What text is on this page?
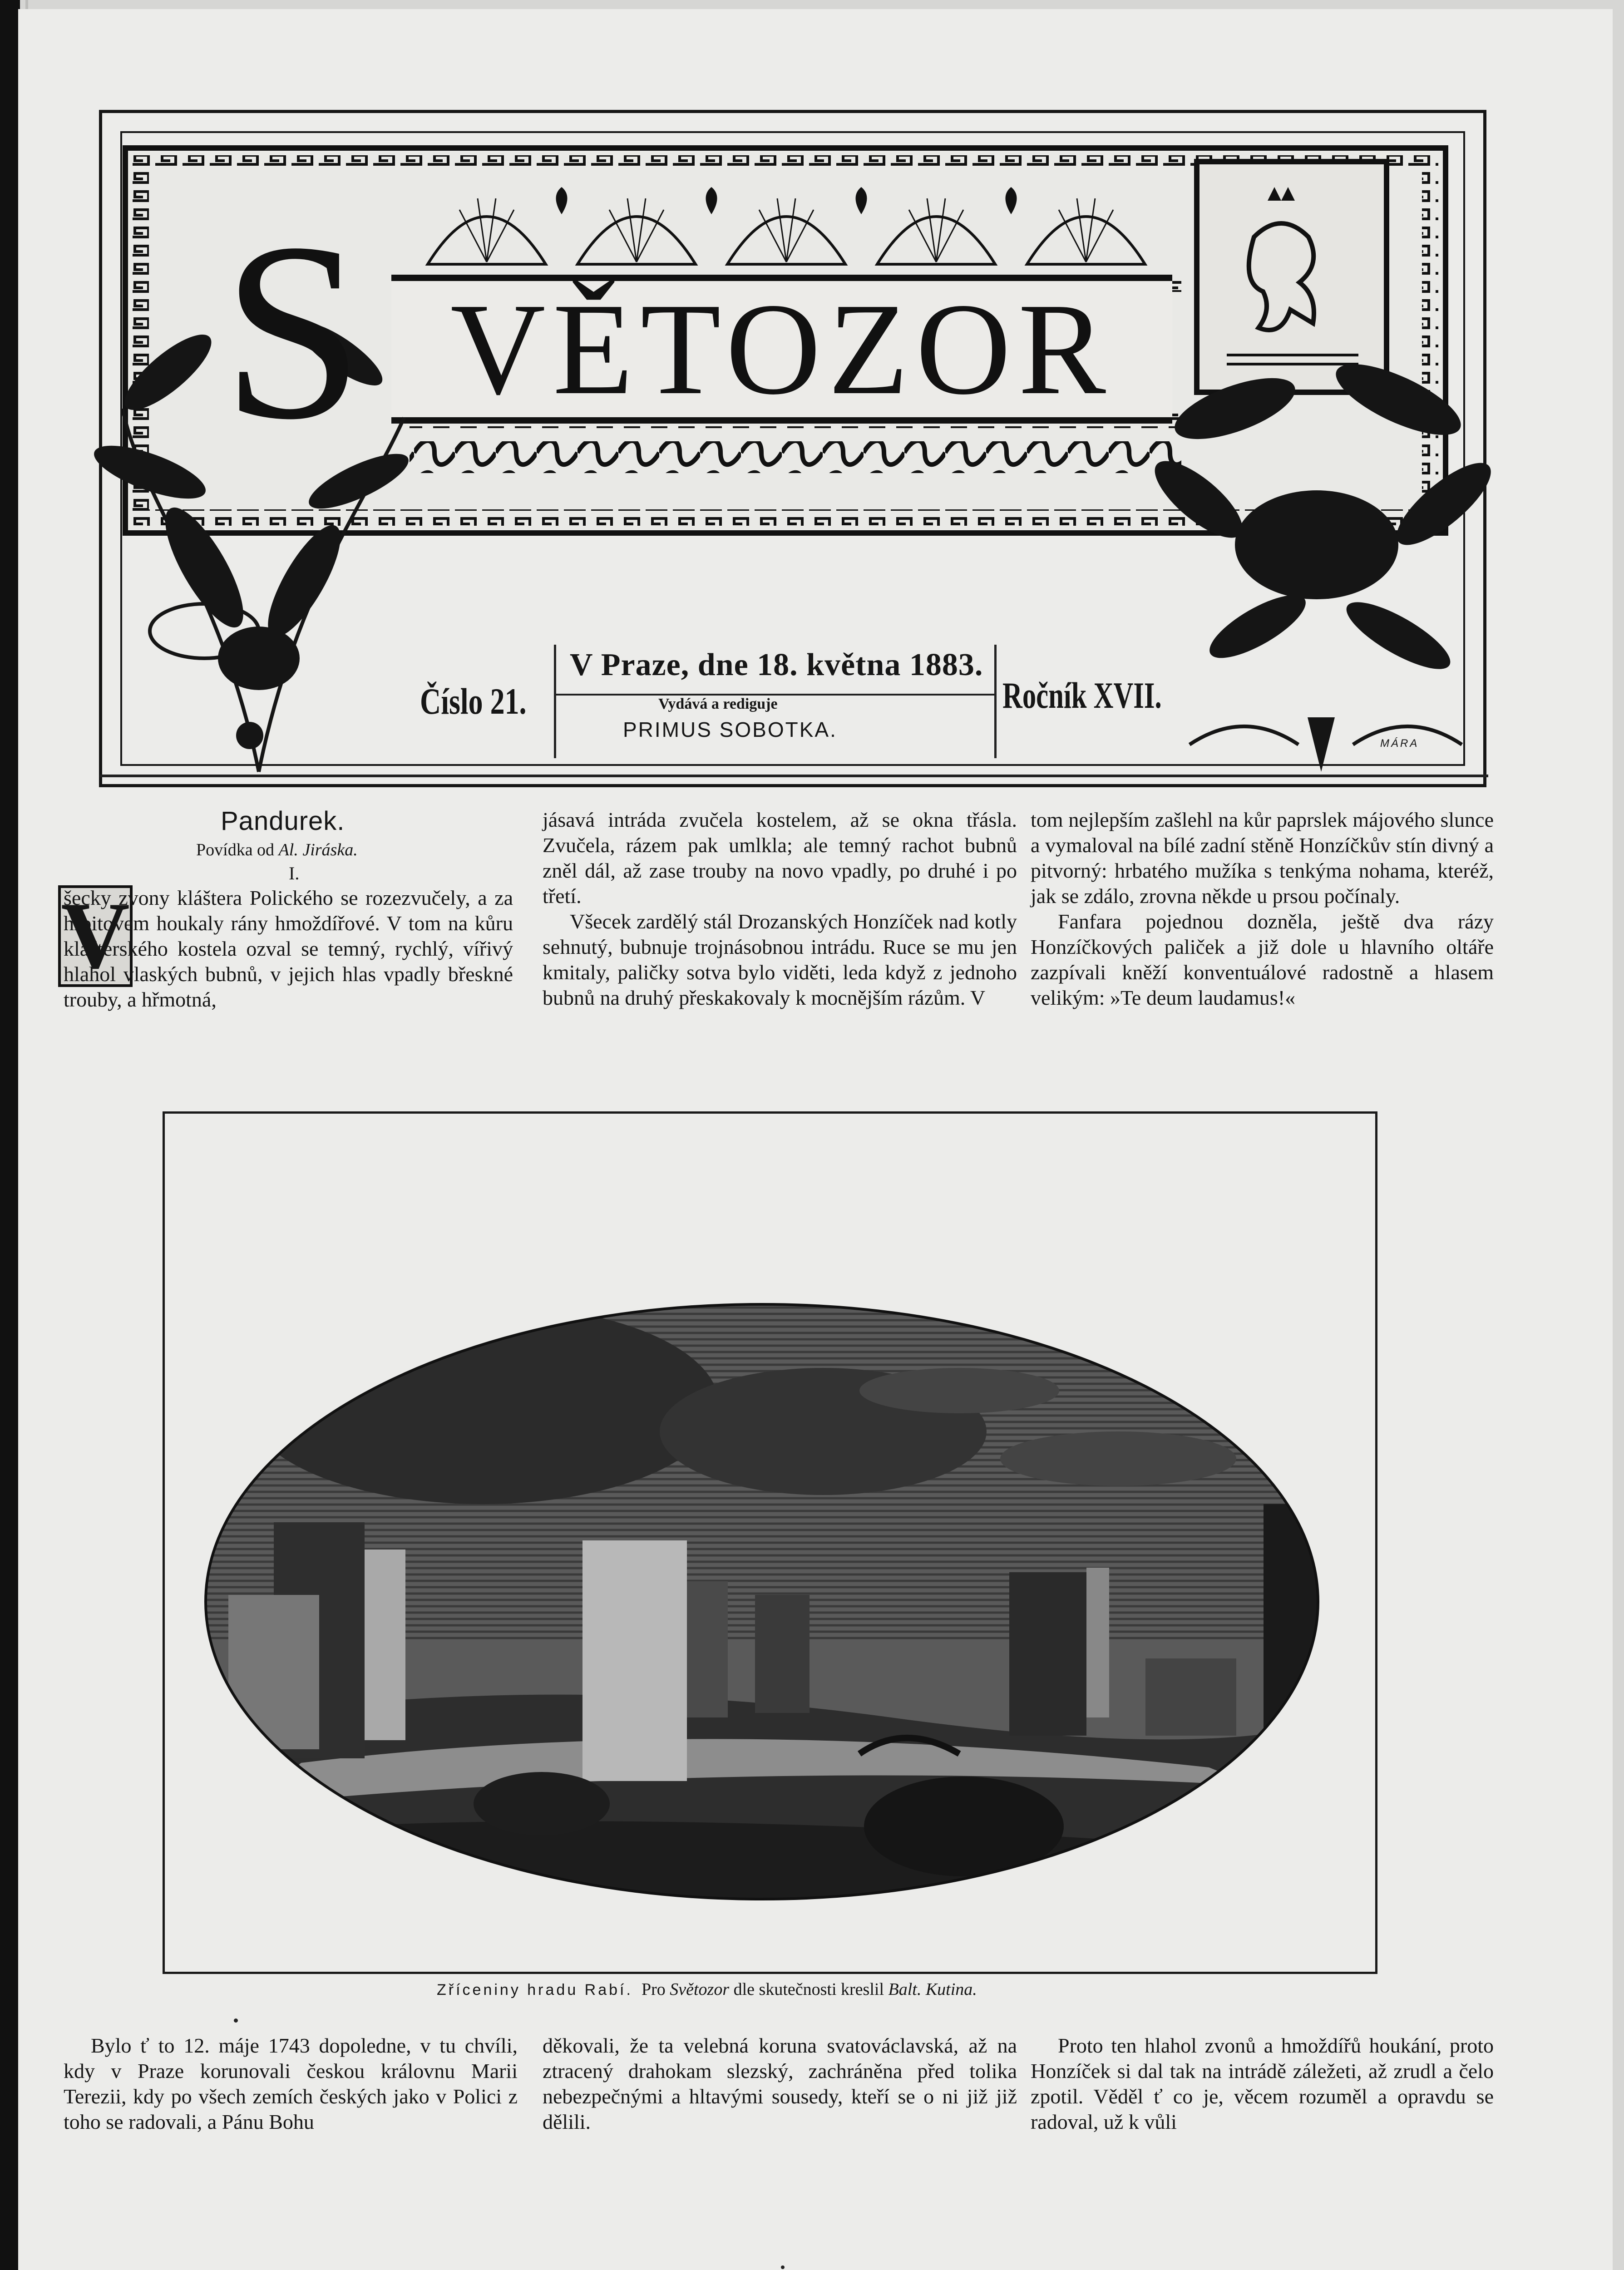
VĚTOZOR
S
Číslo 21.
V Praze, dne 18. května 1883.
Vydává a rediguje
PRIMUS SOBOTKA.
Ročník XVII.
MÁRA
Pandurek.
Povídka od Al. Jiráska.
I.
V

šecky zvony kláštera Polického se rozezvučely, a za hřbitovem houkaly rány hmoždířové. V tom na kůru klášterského kostela ozval se temný, rychlý, vířivý hlahol vlaských bubnů, v jejich hlas vpadly břeskné trouby, a hřmotná,

jásavá intráda zvučela kostelem, až se okna třásla. Zvučela, rázem pak umlkla; ale temný rachot bubnů zněl dál, až zase trouby na novo vpadly, po druhé i po třetí.

Všecek zardělý stál Drozanských Honzíček nad kotly sehnutý, bubnuje trojnásobnou intrádu. Ruce se mu jen kmitaly, paličky sotva bylo viděti, leda když z jednoho bubnů na druhý přeskakovaly k mocnějším rázům. V

tom nejlepším zašlehl na kůr paprslek májového slunce a vymaloval na bílé zadní stěně Honzíčkův stín divný a pitvorný: hrbatého mužíka s tenkýma nohama, kteréž, jak se zdálo, zrovna někde u prsou počínaly.

Fanfara pojednou dozněla, ještě dva rázy Honzíčkových paliček a již dole u hlavního oltáře zazpívali kněží konventuálové radostně a hlasem velikým: »Te deum laudamus!«

Zříceniny hradu Rabí.  Pro Světozor dle skutečnosti kreslil Balt. Kutina.

Bylo ť to 12. máje 1743 dopoledne, v tu chvíli, kdy v Praze korunovali českou královnu Marii Terezii, kdy po všech zemích českých jako v Polici z toho se radovali, a Pánu Bohu

děkovali, že ta velebná koruna svatováclavská, až na ztracený drahokam slezský, zachráněna před tolika nebezpečnými a hltavými sousedy, kteří se o ni již již dělili.

Proto ten hlahol zvonů a hmoždířů houkání, proto Honzíček si dal tak na intrádě záležeti, až zrudl a čelo zpotil. Věděl ť co je, věcem rozuměl a opravdu se radoval, už k vůli
